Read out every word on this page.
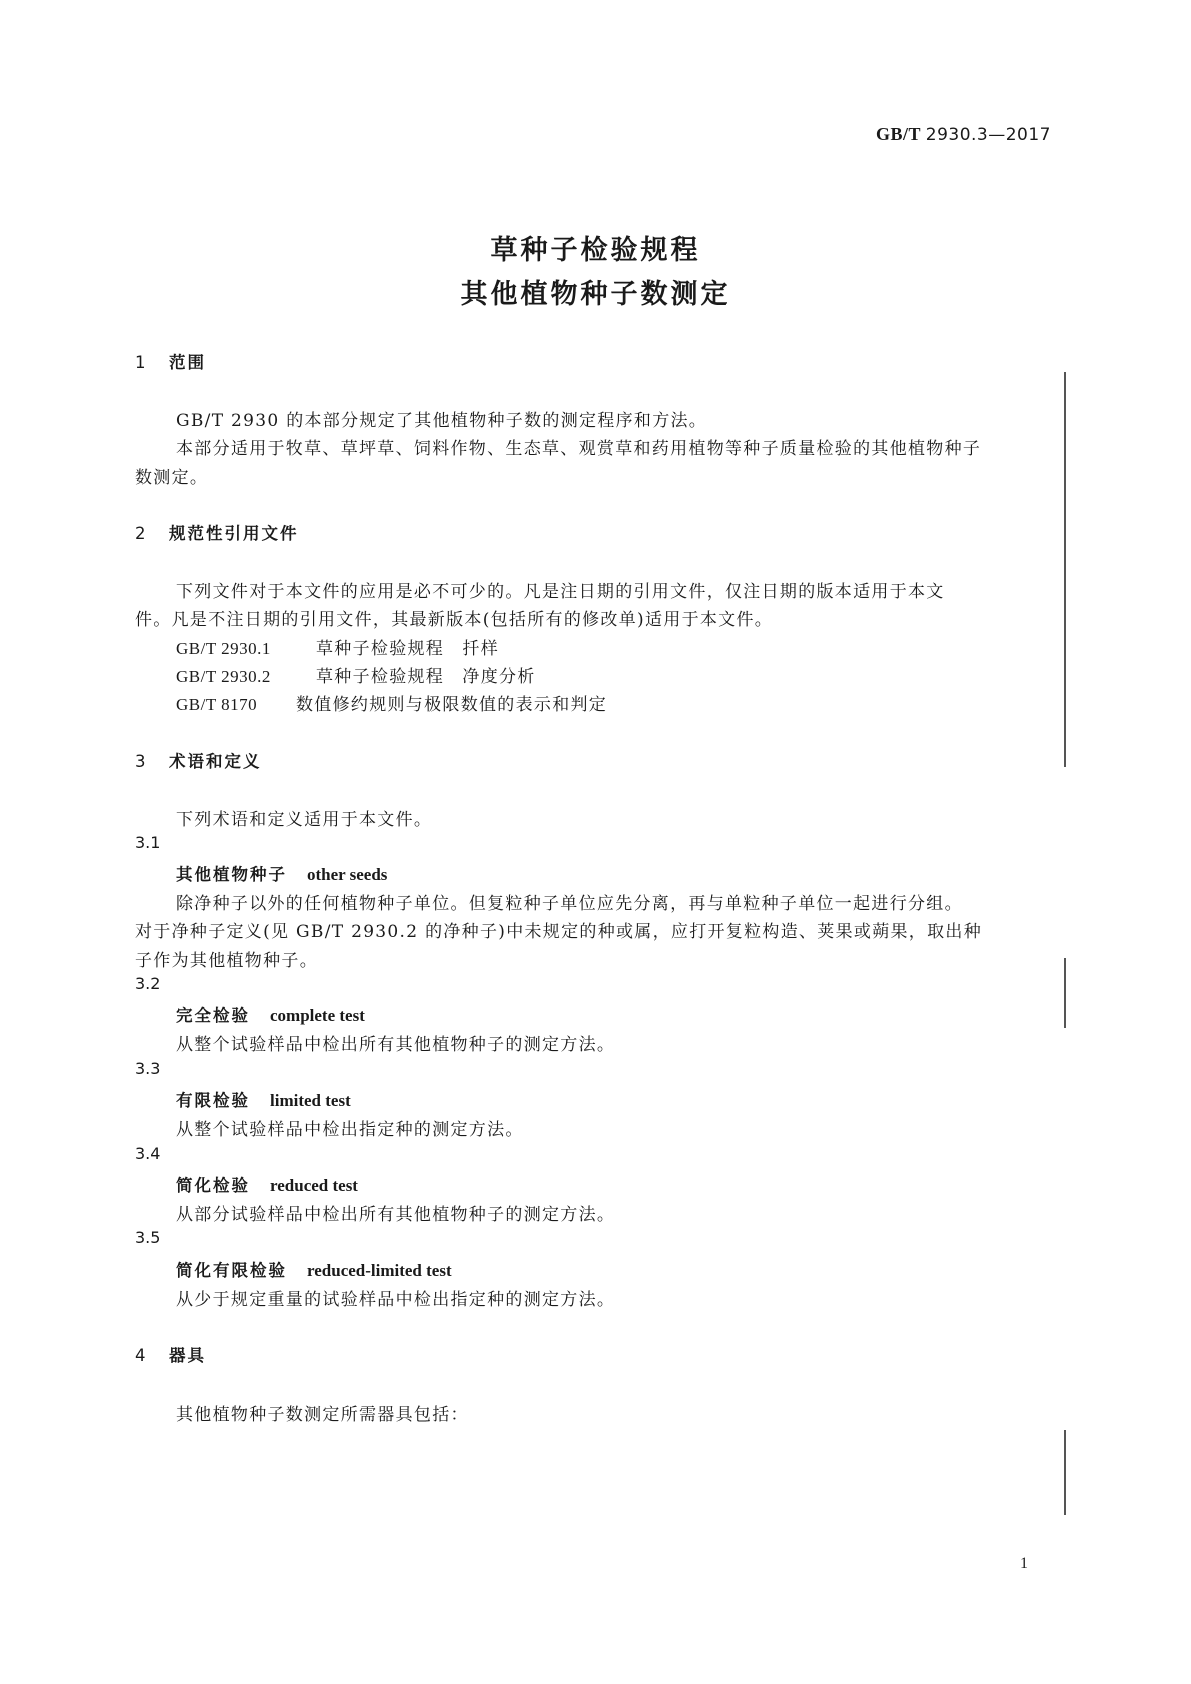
GB/T 2930.3—2017
草种子检验规程
其他植物种子数测定
1 范围
GB/T 2930 的本部分规定了其他植物种子数的测定程序和方法。
本部分适用于牧草、草坪草、饲料作物、生态草、观赏草和药用植物等种子质量检验的其他植物种子
数测定。
2 规范性引用文件
下列文件对于本文件的应用是必不可少的。凡是注日期的引用文件，仅注日期的版本适用于本文
件。凡是不注日期的引用文件，其最新版本(包括所有的修改单)适用于本文件。
GB/T 2930.1	草种子检验规程　扦样
GB/T 2930.2	草种子检验规程　净度分析
GB/T 8170 数值修约规则与极限数值的表示和判定
3 术语和定义
下列术语和定义适用于本文件。
3.1
其他植物种子 other seeds
除净种子以外的任何植物种子单位。但复粒种子单位应先分离，再与单粒种子单位一起进行分组。
对于净种子定义(见 GB/T 2930.2 的净种子)中未规定的种或属，应打开复粒构造、荚果或蒴果，取出种
子作为其他植物种子。
3.2
完全检验 complete test
从整个试验样品中检出所有其他植物种子的测定方法。
3.3
有限检验 limited test
从整个试验样品中检出指定种的测定方法。
3.4
简化检验 reduced test
从部分试验样品中检出所有其他植物种子的测定方法。
3.5
简化有限检验 reduced-limited test
从少于规定重量的试验样品中检出指定种的测定方法。
4 器具
其他植物种子数测定所需器具包括：
1
